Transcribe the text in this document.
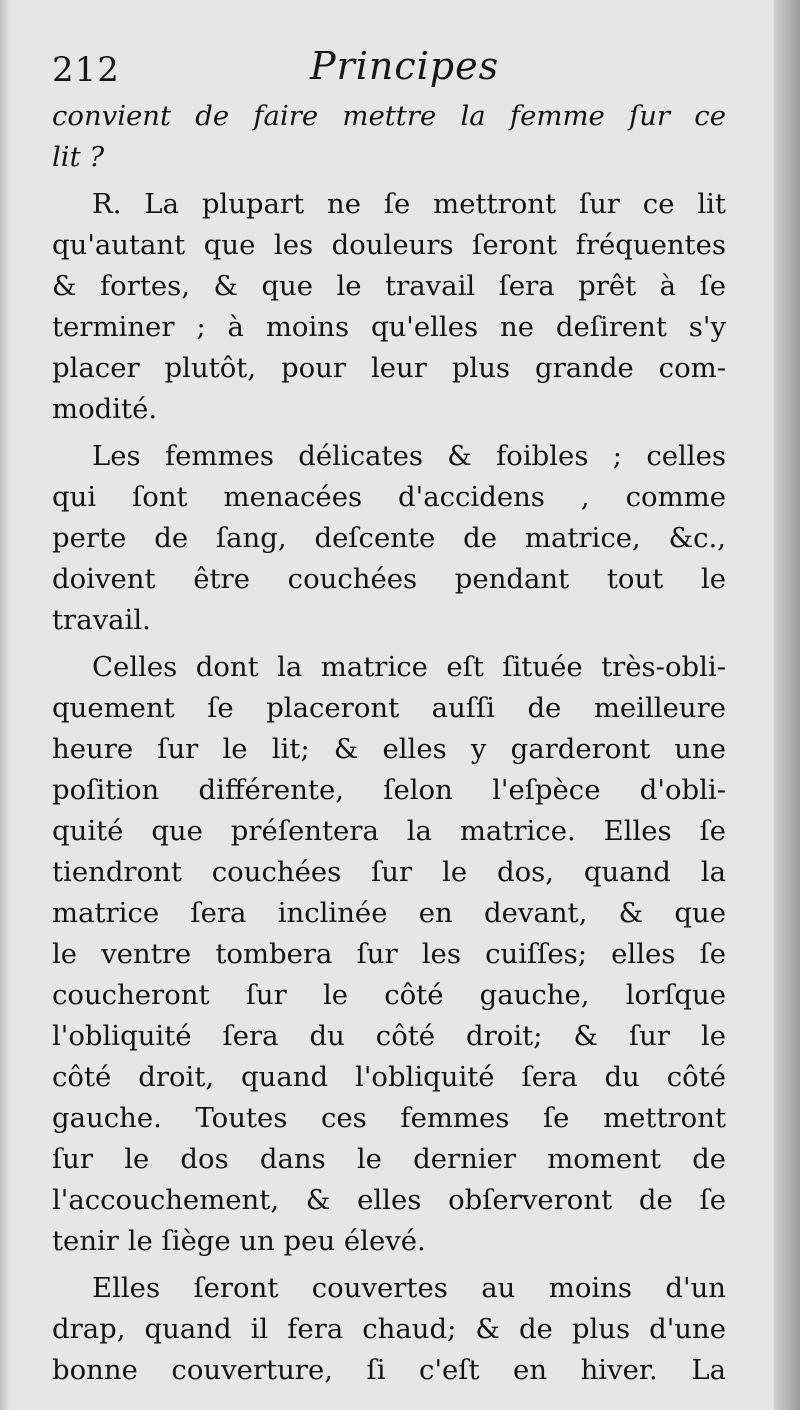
212	Principes
convient de faire mettre la femme ſur ce
lit ?
R. La plupart ne ſe mettront ſur ce lit
qu'autant que les douleurs ſeront fréquentes
& fortes, & que le travail ſera prêt à ſe
terminer ; à moins qu'elles ne deſirent s'y
placer plutôt, pour leur plus grande com-
modité.
Les femmes délicates & foibles ; celles
qui ſont menacées d'accidens , comme
perte de ſang, deſcente de matrice, &c.,
doivent être couchées pendant tout le
travail.
Celles dont la matrice eſt ſituée très-obli-
quement ſe placeront auſſi de meilleure
heure ſur le lit; & elles y garderont une
poſition différente, ſelon l'eſpèce d'obli-
quité que préſentera la matrice. Elles ſe
tiendront couchées ſur le dos, quand la
matrice ſera inclinée en devant, & que
le ventre tombera ſur les cuiſſes; elles ſe
coucheront ſur le côté gauche, lorſque
l'obliquité ſera du côté droit; & ſur le
côté droit, quand l'obliquité ſera du côté
gauche. Toutes ces femmes ſe mettront
ſur le dos dans le dernier moment de
l'accouchement, & elles obſerveront de ſe
tenir le ſiège un peu élevé.
Elles ſeront couvertes au moins d'un
drap, quand il fera chaud; & de plus d'une
bonne couverture, ſi c'eſt en hiver. La
